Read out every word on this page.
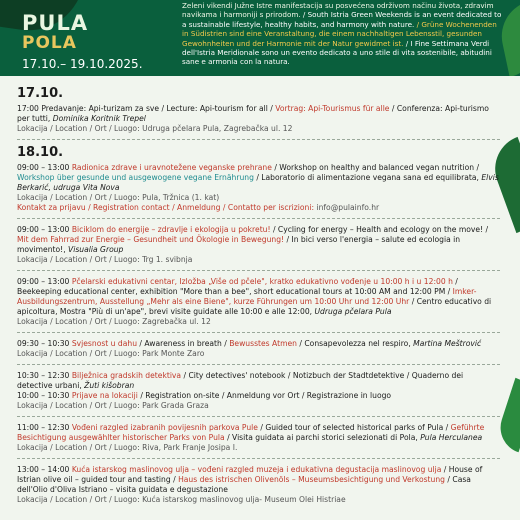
PULA
POLA
17.10.– 19.10.2025.
Zeleni vikendi Južne Istre manifestacija su posvećena održivom načinu života, zdravim navikama i harmoniji s prirodom. / South Istria Green Weekends is an event dedicated to a sustainable lifestyle, healthy habits, and harmony with nature. / Grüne Wochenenden in Südistrien sind eine Veranstaltung, die einem nachhaltigen Lebensstil, gesunden Gewohnheiten und der Harmonie mit der Natur gewidmet ist. / I Fine Settimana Verdi dell'Istria Meridionale sono un evento dedicato a uno stile di vita sostenibile, abitudini sane e armonia con la natura.
17.10.
17:00 Predavanje: Api-turizam za sve / Lecture: Api-tourism for all / Vortrag: Api-Tourismus für alle / Conferenza: Api-turismo per tutti, Dominika Koritnik Trepel
Lokacija / Location / Ort / Luogo: Udruga pčelara Pula, Zagrebačka ul. 12
18.10.
09:00 – 13:00 Radionica zdrave i uravnotežene veganske prehrane / Workshop on healthy and balanced vegan nutrition / Workshop über gesunde und ausgewogene vegane Ernährung / Laboratorio di alimentazione vegana sana ed equilibrata, Elvis Berkarić, udruga Vita Nova
Lokacija / Location / Ort / Luogo: Pula, Tržnica (1. kat)
Kontakt za prijavu / Registration contact / Anmeldung / Contatto per iscrizioni: info@pulainfo.hr
09:00 – 13:00 Biciklom do energije – zdravlje i ekologija u pokretu! / Cycling for energy – Health and ecology on the move! / Mit dem Fahrrad zur Energie – Gesundheit und Ökologie in Bewegung! / In bici verso l'energia – salute ed ecologia in movimento!, Visualia Group
Lokacija / Location / Ort / Luogo: Trg 1. svibnja
09:00 – 13:00 Pčelarski edukativni centar, Izložba „Više od pčele", kratko edukativno vođenje u 10:00 h i u 12:00 h / Beekeeping educational center, exhibition "More than a bee", short educational tours at 10:00 AM and 12:00 PM / Imker-Ausbildungszentrum, Ausstellung „Mehr als eine Biene", kurze Führungen um 10:00 Uhr und 12:00 Uhr / Centro educativo di apicoltura, Mostra "Più di un'ape", brevi visite guidate alle 10:00 e alle 12:00, Udruga pčelara Pula
Lokacija / Location / Ort / Luogo: Zagrebačka ul. 12
09:30 – 10:30 Svjesnost u dahu / Awareness in breath / Bewusstes Atmen / Consapevolezza nel respiro, Martina Meštrović
Lokacija / Location / Ort / Luogo: Park Monte Zaro
10:30 – 12:30 Bilježnica gradskih detektiva / City detectives' notebook / Notizbuch der Stadtdetektive / Quaderno dei detective urbani, Žuti kišobran
10:00 – 10:30 Prijave na lokaciji / Registration on-site / Anmeldung vor Ort / Registrazione in luogo
Lokacija / Location / Ort / Luogo: Park Grada Graza
11:00 – 12:30 Vođeni razgled izabranih povijesnih parkova Pule / Guided tour of selected historical parks of Pula / Geführte Besichtigung ausgewählter historischer Parks von Pula / Visita guidata ai parchi storici selezionati di Pola, Pula Herculanea
Lokacija / Location / Ort / Luogo: Riva, Park Franje Josipa I.
13:00 – 14:00 Kuća istarskog maslinovog ulja – vođeni razgled muzeja i edukativna degustacija maslinovog ulja / House of Istrian olive oil – guided tour and tasting / Haus des istrischen Olivenöls – Museumsbesichtigung und Verkostung / Casa dell'Olio d'Oliva Istriano – visita guidata e degustazione
Lokacija / Location / Ort / Luogo: Kuća istarskog maslinovog ulja- Museum Olei Histriae
